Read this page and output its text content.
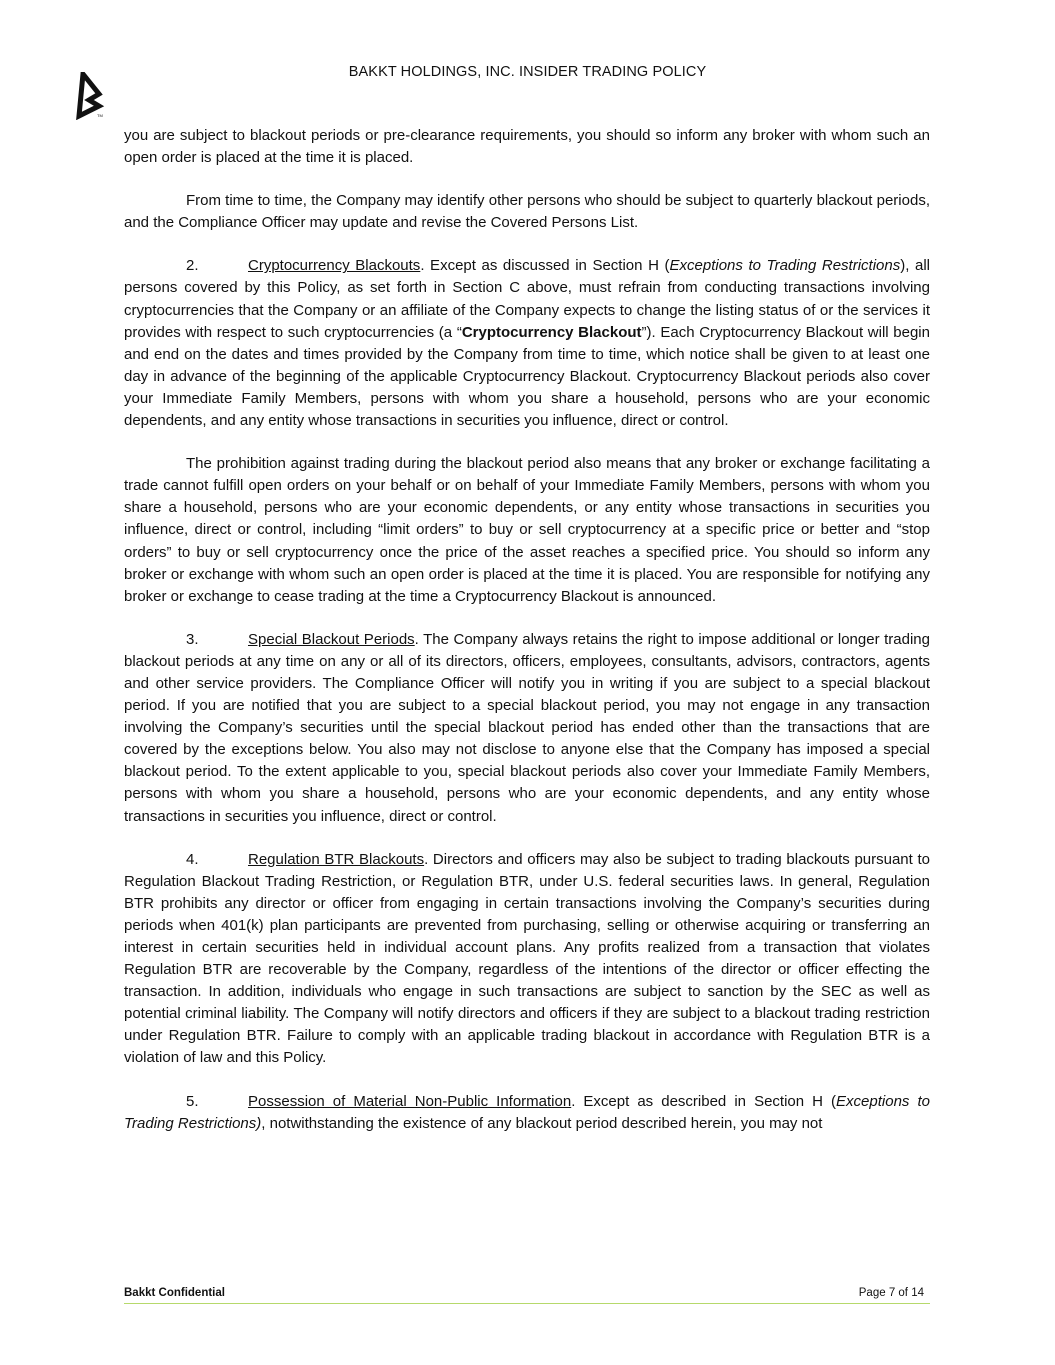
TM
BAKKT HOLDINGS, INC. INSIDER TRADING POLICY

you are subject to blackout periods or pre-clearance requirements, you should so inform any broker with whom such an open order is placed at the time it is placed.

From time to time, the Company may identify other persons who should be subject to quarterly blackout periods, and the Compliance Officer may update and revise the Covered Persons List.

2.	Cryptocurrency Blackouts. Except as discussed in Section H (Exceptions to Trading Restrictions), all persons covered by this Policy, as set forth in Section C above, must refrain from conducting transactions involving cryptocurrencies that the Company or an affiliate of the Company expects to change the listing status of or the services it provides with respect to such cryptocurrencies (a “Cryptocurrency Blackout”). Each Cryptocurrency Blackout will begin and end on the dates and times provided by the Company from time to time, which notice shall be given to at least one day in advance of the beginning of the applicable Cryptocurrency Blackout. Cryptocurrency Blackout periods also cover your Immediate Family Members, persons with whom you share a household, persons who are your economic dependents, and any entity whose transactions in securities you influence, direct or control.

The prohibition against trading during the blackout period also means that any broker or exchange facilitating a trade cannot fulfill open orders on your behalf or on behalf of your Immediate Family Members, persons with whom you share a household, persons who are your economic dependents, or any entity whose transactions in securities you influence, direct or control, including “limit orders” to buy or sell cryptocurrency at a specific price or better and “stop orders” to buy or sell cryptocurrency once the price of the asset reaches a specified price. You should so inform any broker or exchange with whom such an open order is placed at the time it is placed. You are responsible for notifying any broker or exchange to cease trading at the time a Cryptocurrency Blackout is announced.

3.	Special Blackout Periods. The Company always retains the right to impose additional or longer trading blackout periods at any time on any or all of its directors, officers, employees, consultants, advisors, contractors, agents and other service providers. The Compliance Officer will notify you in writing if you are subject to a special blackout period. If you are notified that you are subject to a special blackout period, you may not engage in any transaction involving the Company’s securities until the special blackout period has ended other than the transactions that are covered by the exceptions below. You also may not disclose to anyone else that the Company has imposed a special blackout period. To the extent applicable to you, special blackout periods also cover your Immediate Family Members, persons with whom you share a household, persons who are your economic dependents, and any entity whose transactions in securities you influence, direct or control.

4.	Regulation BTR Blackouts. Directors and officers may also be subject to trading blackouts pursuant to Regulation Blackout Trading Restriction, or Regulation BTR, under U.S. federal securities laws. In general, Regulation BTR prohibits any director or officer from engaging in certain transactions involving the Company’s securities during periods when 401(k) plan participants are prevented from purchasing, selling or otherwise acquiring or transferring an interest in certain securities held in individual account plans. Any profits realized from a transaction that violates Regulation BTR are recoverable by the Company, regardless of the intentions of the director or officer effecting the transaction. In addition, individuals who engage in such transactions are subject to sanction by the SEC as well as potential criminal liability. The Company will notify directors and officers if they are subject to a blackout trading restriction under Regulation BTR. Failure to comply with an applicable trading blackout in accordance with Regulation BTR is a violation of law and this Policy.

5.	Possession of Material Non-Public Information. Except as described in Section H (Exceptions to Trading Restrictions), notwithstanding the existence of any blackout period described herein, you may not

Bakkt Confidential	Page 7 of 14
